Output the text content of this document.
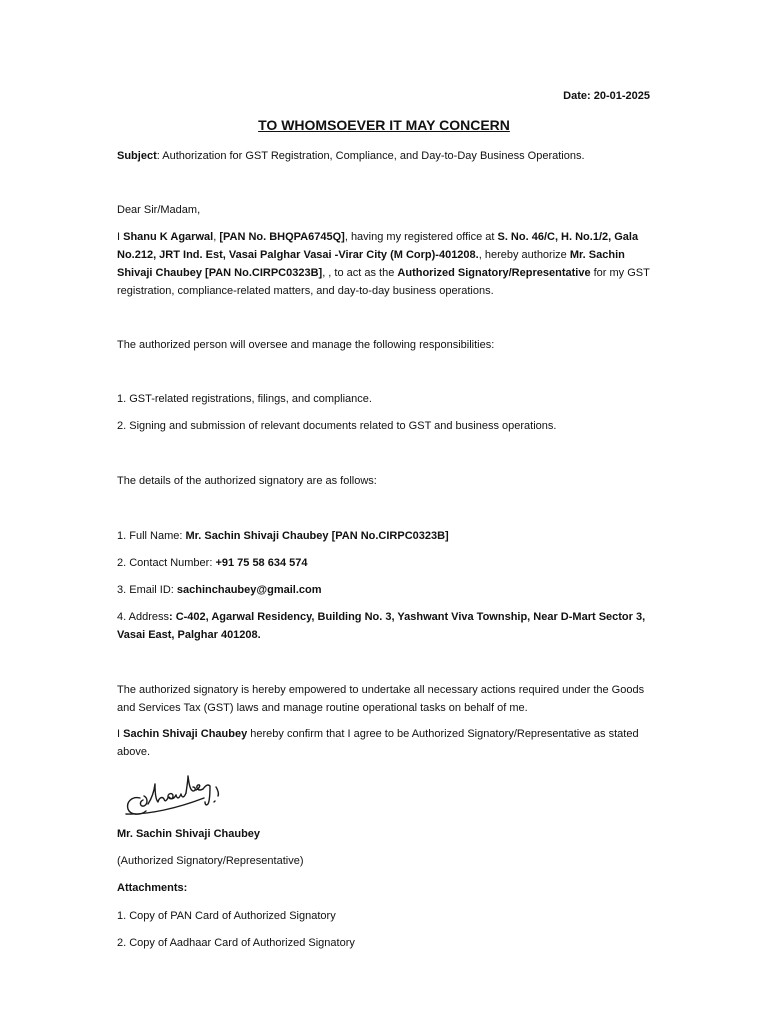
Date: 20-01-2025
TO WHOMSOEVER IT MAY CONCERN

Subject: Authorization for GST Registration, Compliance, and Day-to-Day Business Operations.

Dear Sir/Madam,

I Shanu K Agarwal, [PAN No. BHQPA6745Q], having my registered office at S. No. 46/C, H. No.1/2, Gala No.212, JRT Ind. Est, Vasai Palghar Vasai -Virar City (M Corp)-401208., hereby authorize Mr. Sachin Shivaji Chaubey [PAN No.CIRPC0323B], , to act as the Authorized Signatory/Representative for my GST registration, compliance-related matters, and day-to-day business operations.

The authorized person will oversee and manage the following responsibilities:

1. GST-related registrations, filings, and compliance.

2. Signing and submission of relevant documents related to GST and business operations.

The details of the authorized signatory are as follows:

1. Full Name: Mr. Sachin Shivaji Chaubey [PAN No.CIRPC0323B]

2. Contact Number: +91 75 58 634 574

3. Email ID: sachinchaubey@gmail.com

4. Address: C-402, Agarwal Residency, Building No. 3, Yashwant Viva Township, Near D-Mart Sector 3, Vasai East, Palghar 401208.

The authorized signatory is hereby empowered to undertake all necessary actions required under the Goods and Services Tax (GST) laws and manage routine operational tasks on behalf of me.

I Sachin Shivaji Chaubey hereby confirm that I agree to be Authorized Signatory/Representative as stated above.

Mr. Sachin Shivaji Chaubey

(Authorized Signatory/Representative)

Attachments:

1. Copy of PAN Card of Authorized Signatory

2. Copy of Aadhaar Card of Authorized Signatory
